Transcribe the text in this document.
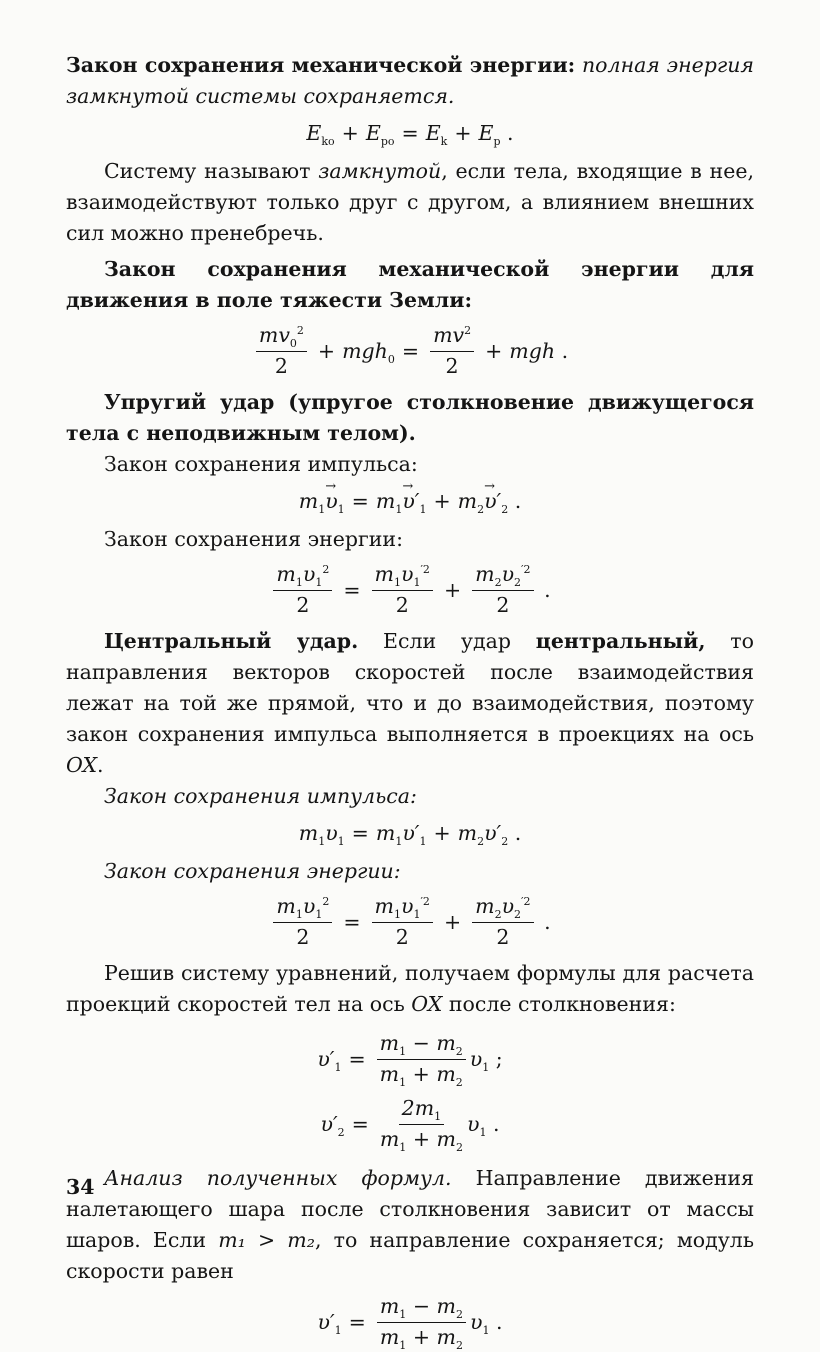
Закон сохранения механической энергии: полная энергия замкнутой системы сохраняется.

$E_{kо} + E_{pо} = E_k + E_p$ .

Систему называют замкнутой, если тела, входящие в нее, взаимодействуют только друг с другом, а влиянием внешних сил можно пренебречь.

Закон сохранения механической энергии для движения в поле тяжести Земли:

$\frac{mv_0^2}{2} + mgh_0 = \frac{mv^2}{2}$ + mgh .

Упругий удар (упругое столкновение движущегося тела с неподвижным телом).

Закон сохранения импульса:

$m_1\to \upsilon_1 = m_1\to \upsilon'_1 + m_2\to \upsilon'_2$ .

Закон сохранения энергии:

$\frac{m_1\upsilon_1^2}{2} = \frac{m_1\upsilon_1^{'2}}{2} + \frac{m_2\upsilon_2^{'2}}{2}$ .

Центральный удар. Если удар центральный, то направления векторов скоростей после взаимодействия лежат на той же прямой, что и до взаимодействия, поэтому закон сохранения импульса выполняется в проекциях на ось OX.

Закон сохранения импульса:

$m_1\upsilon_1 = m_1\upsilon'_1 + m_2\upsilon'_2$ .

Закон сохранения энергии:

$\frac{m_1\upsilon_1^2}{2} = \frac{m_1\upsilon_1^{'2}}{2} + \frac{m_2\upsilon_2^{'2}}{2}$ .

Решив систему уравнений, получаем формулы для расчета проекций скоростей тел на ось OX после столкновения:

$\upsilon'_1 = \frac{m_1 - m_2}{m_1 + m_2} \upsilon_1$ ;
$\upsilon'_2 = \frac{2m_1}{m_1 + m_2} \upsilon_1$ .

Анализ полученных формул. Направление движения налетающего шара после столкновения зависит от массы шаров. Если m₁ > m₂, то направление сохраняется; модуль скорости равен

$\upsilon'_1 = \frac{m_1 - m_2}{m_1 + m_2} \upsilon_1$ .
34
